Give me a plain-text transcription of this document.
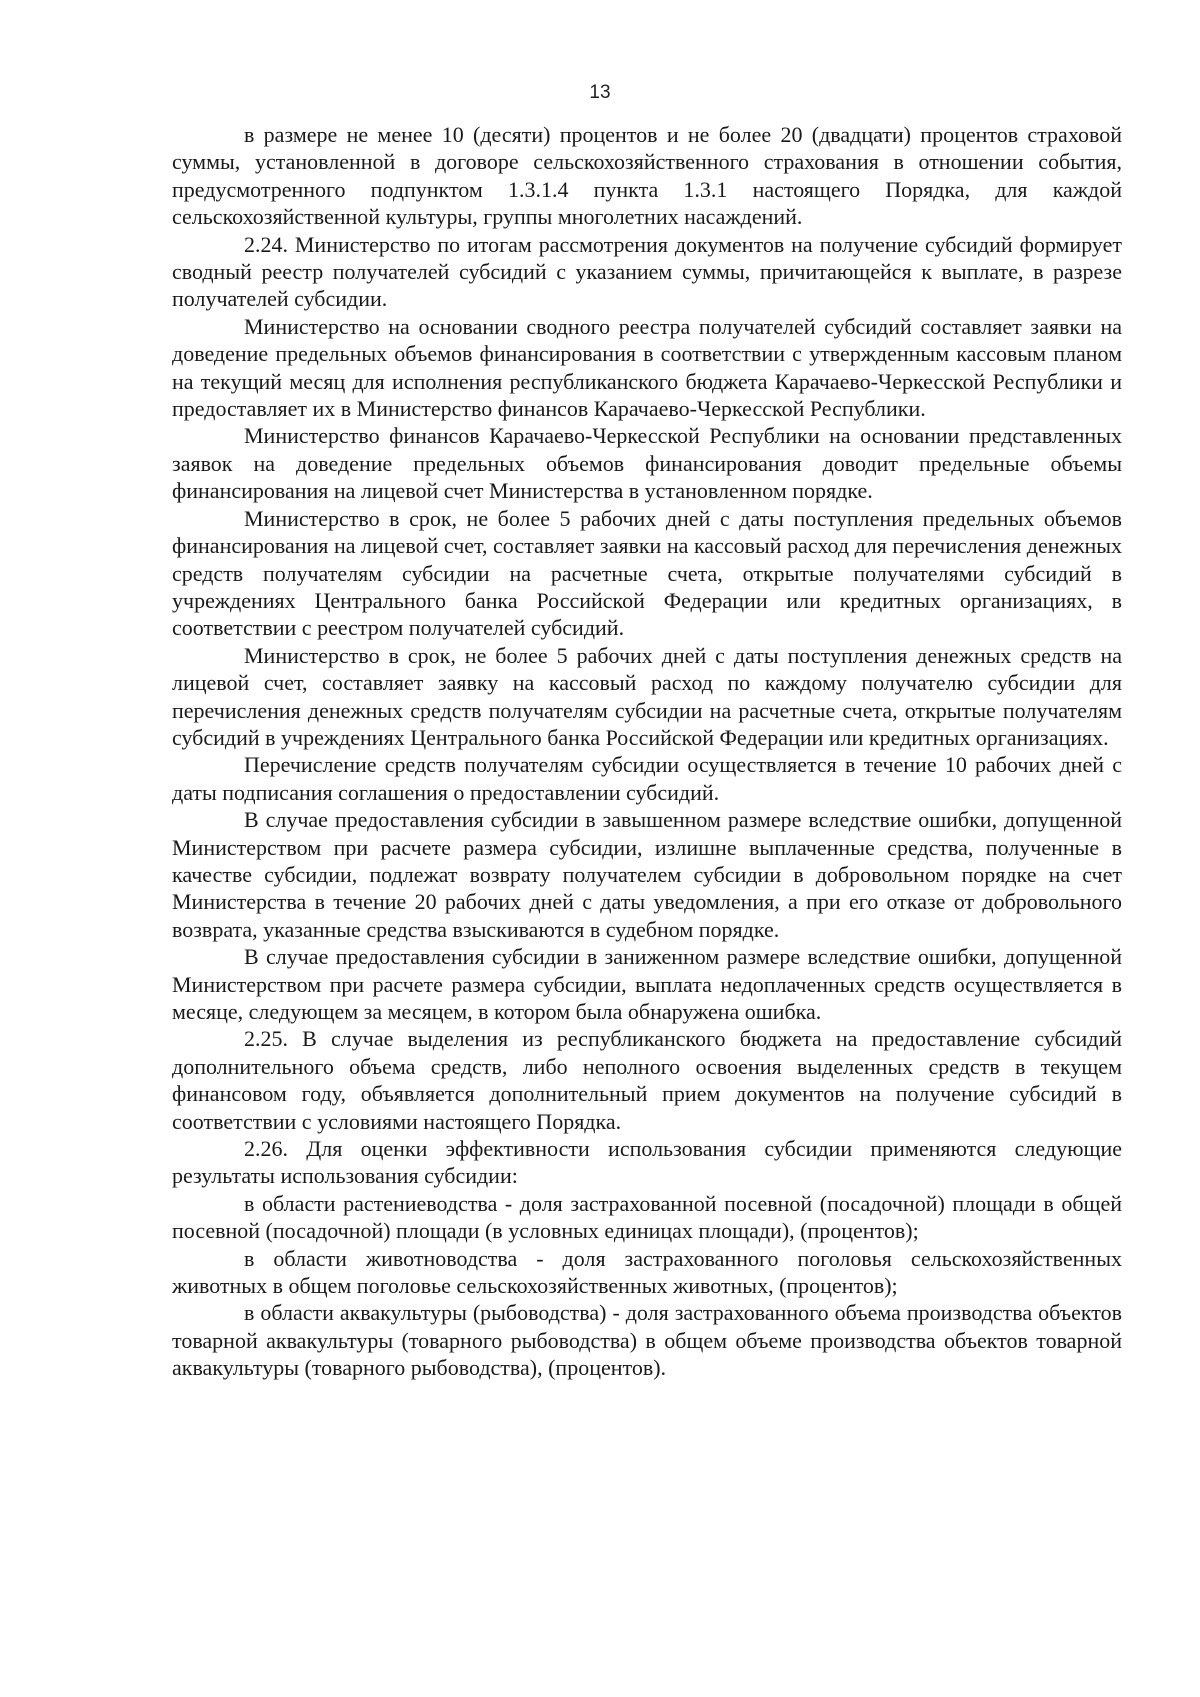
13

в размере не менее 10 (десяти) процентов и не более 20 (двадцати) процентов страховой суммы, установленной в договоре сельскохозяйственного страхования в отношении события, предусмотренного подпунктом 1.3.1.4 пункта 1.3.1 настоящего Порядка, для каждой сельскохозяйственной культуры, группы многолетних насаждений.

2.24. Министерство по итогам рассмотрения документов на получение субсидий формирует сводный реестр получателей субсидий с указанием суммы, причитающейся к выплате, в разрезе получателей субсидии.

Министерство на основании сводного реестра получателей субсидий составляет заявки на доведение предельных объемов финансирования в соответствии с утвержденным кассовым планом на текущий месяц для исполнения республиканского бюджета Карачаево-Черкесской Республики и предоставляет их в Министерство финансов Карачаево-Черкесской Республики.

Министерство финансов Карачаево-Черкесской Республики на основании представленных заявок на доведение предельных объемов финансирования доводит предельные объемы финансирования на лицевой счет Министерства в установленном порядке.

Министерство в срок, не более 5 рабочих дней с даты поступления предельных объемов финансирования на лицевой счет, составляет заявки на кассовый расход для перечисления денежных средств получателям субсидии на расчетные счета, открытые получателями субсидий в учреждениях Центрального банка Российской Федерации или кредитных организациях, в соответствии с реестром получателей субсидий.

Министерство в срок, не более 5 рабочих дней с даты поступления денежных средств на лицевой счет, составляет заявку на кассовый расход по каждому получателю субсидии для перечисления денежных средств получателям субсидии на расчетные счета, открытые получателям субсидий в учреждениях Центрального банка Российской Федерации или кредитных организациях.

Перечисление средств получателям субсидии осуществляется в течение 10 рабочих дней с даты подписания соглашения о предоставлении субсидий.

В случае предоставления субсидии в завышенном размере вследствие ошибки, допущенной Министерством при расчете размера субсидии, излишне выплаченные средства, полученные в качестве субсидии, подлежат возврату получателем субсидии в добровольном порядке на счет Министерства в течение 20 рабочих дней с даты уведомления, а при его отказе от добровольного возврата, указанные средства взыскиваются в судебном порядке.

В случае предоставления субсидии в заниженном размере вследствие ошибки, допущенной Министерством при расчете размера субсидии, выплата недоплаченных средств осуществляется в месяце, следующем за месяцем, в котором была обнаружена ошибка.

2.25. В случае выделения из республиканского бюджета на предоставление субсидий дополнительного объема средств, либо неполного освоения выделенных средств в текущем финансовом году, объявляется дополнительный прием документов на получение субсидий в соответствии с условиями настоящего Порядка.

2.26. Для оценки эффективности использования субсидии применяются следующие результаты использования субсидии:

в области растениеводства - доля застрахованной посевной (посадочной) площади в общей посевной (посадочной) площади (в условных единицах площади), (процентов);

в области животноводства - доля застрахованного поголовья сельскохозяйственных животных в общем поголовье сельскохозяйственных животных, (процентов);

в области аквакультуры (рыбоводства) - доля застрахованного объема производства объектов товарной аквакультуры (товарного рыбоводства) в общем объеме производства объектов товарной аквакультуры (товарного рыбоводства), (процентов).
